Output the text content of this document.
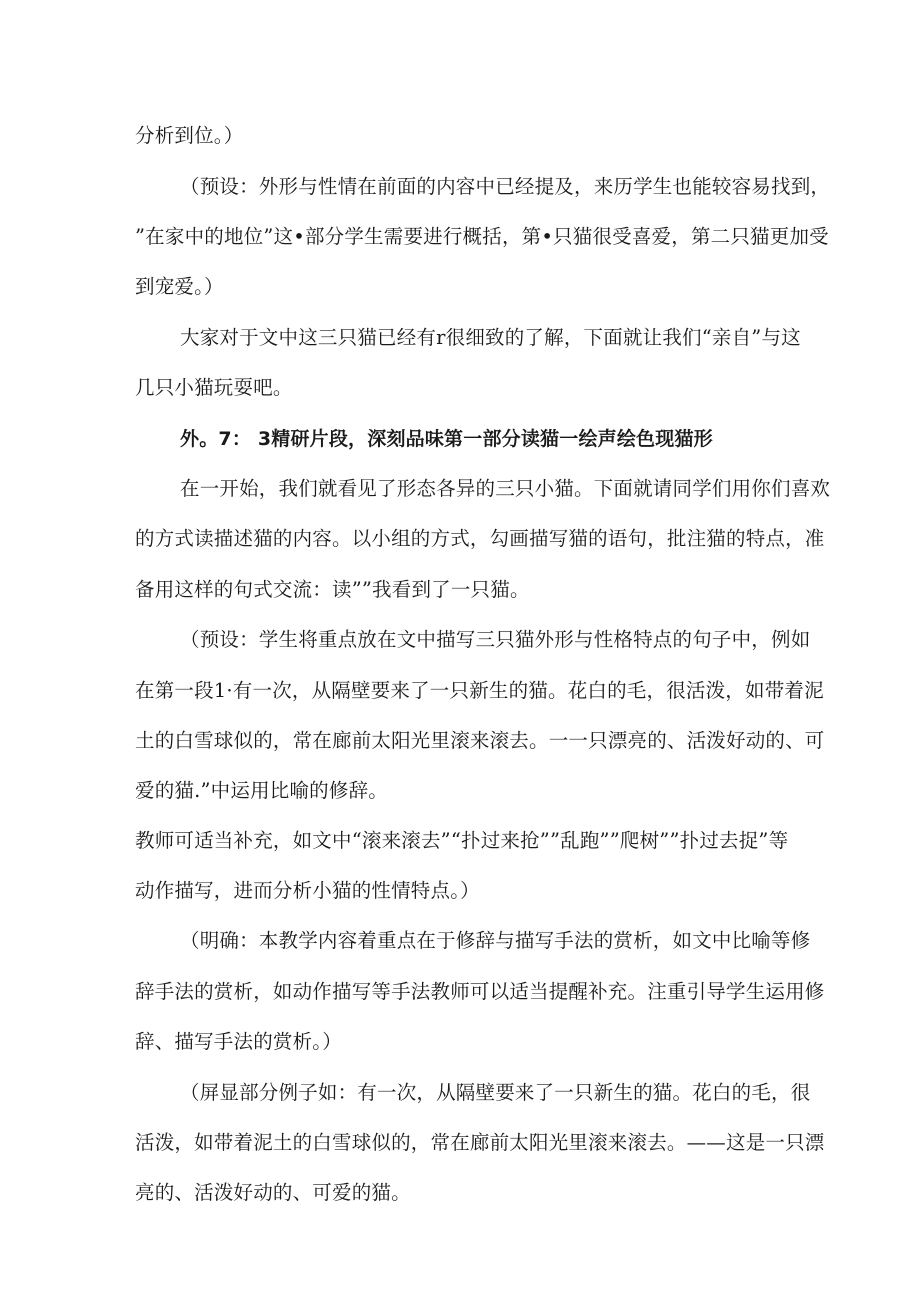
分析到位。）
（预设：外形与性情在前面的内容中已经提及，来历学生也能较容易找到，
”在家中的地位”这•部分学生需要进行概括，第•只猫很受喜爱，第二只猫更加受
到宠爱。）
大家对于文中这三只猫已经有r很细致的了解，下面就让我们“亲自”与这
几只小猫玩耍吧。
外。7： 3精研片段，深刻品味第一部分读猫一绘声绘色现猫形
在一开始，我们就看见了形态各异的三只小猫。下面就请同学们用你们喜欢
的方式读描述猫的内容。以小组的方式，勾画描写猫的语句，批注猫的特点，准
备用这样的句式交流：读””我看到了一只猫。
（预设：学生将重点放在文中描写三只猫外形与性格特点的句子中，例如
在第一段1·有一次，从隔壁要来了一只新生的猫。花白的毛，很活泼，如带着泥
土的白雪球似的，常在廊前太阳光里滚来滚去。一一只漂亮的、活泼好动的、可
爱的猫.”中运用比喻的修辞。
教师可适当补充，如文中“滚来滚去”“扑过来抢””乱跑””爬树””扑过去捉”等
动作描写，进而分析小猫的性情特点。）
（明确：本教学内容着重点在于修辞与描写手法的赏析，如文中比喻等修
辞手法的赏析，如动作描写等手法教师可以适当提醒补充。注重引导学生运用修
辞、描写手法的赏析。）
（屏显部分例子如：有一次，从隔壁要来了一只新生的猫。花白的毛，很
活泼，如带着泥土的白雪球似的，常在廊前太阳光里滚来滚去。——这是一只漂
亮的、活泼好动的、可爱的猫。
